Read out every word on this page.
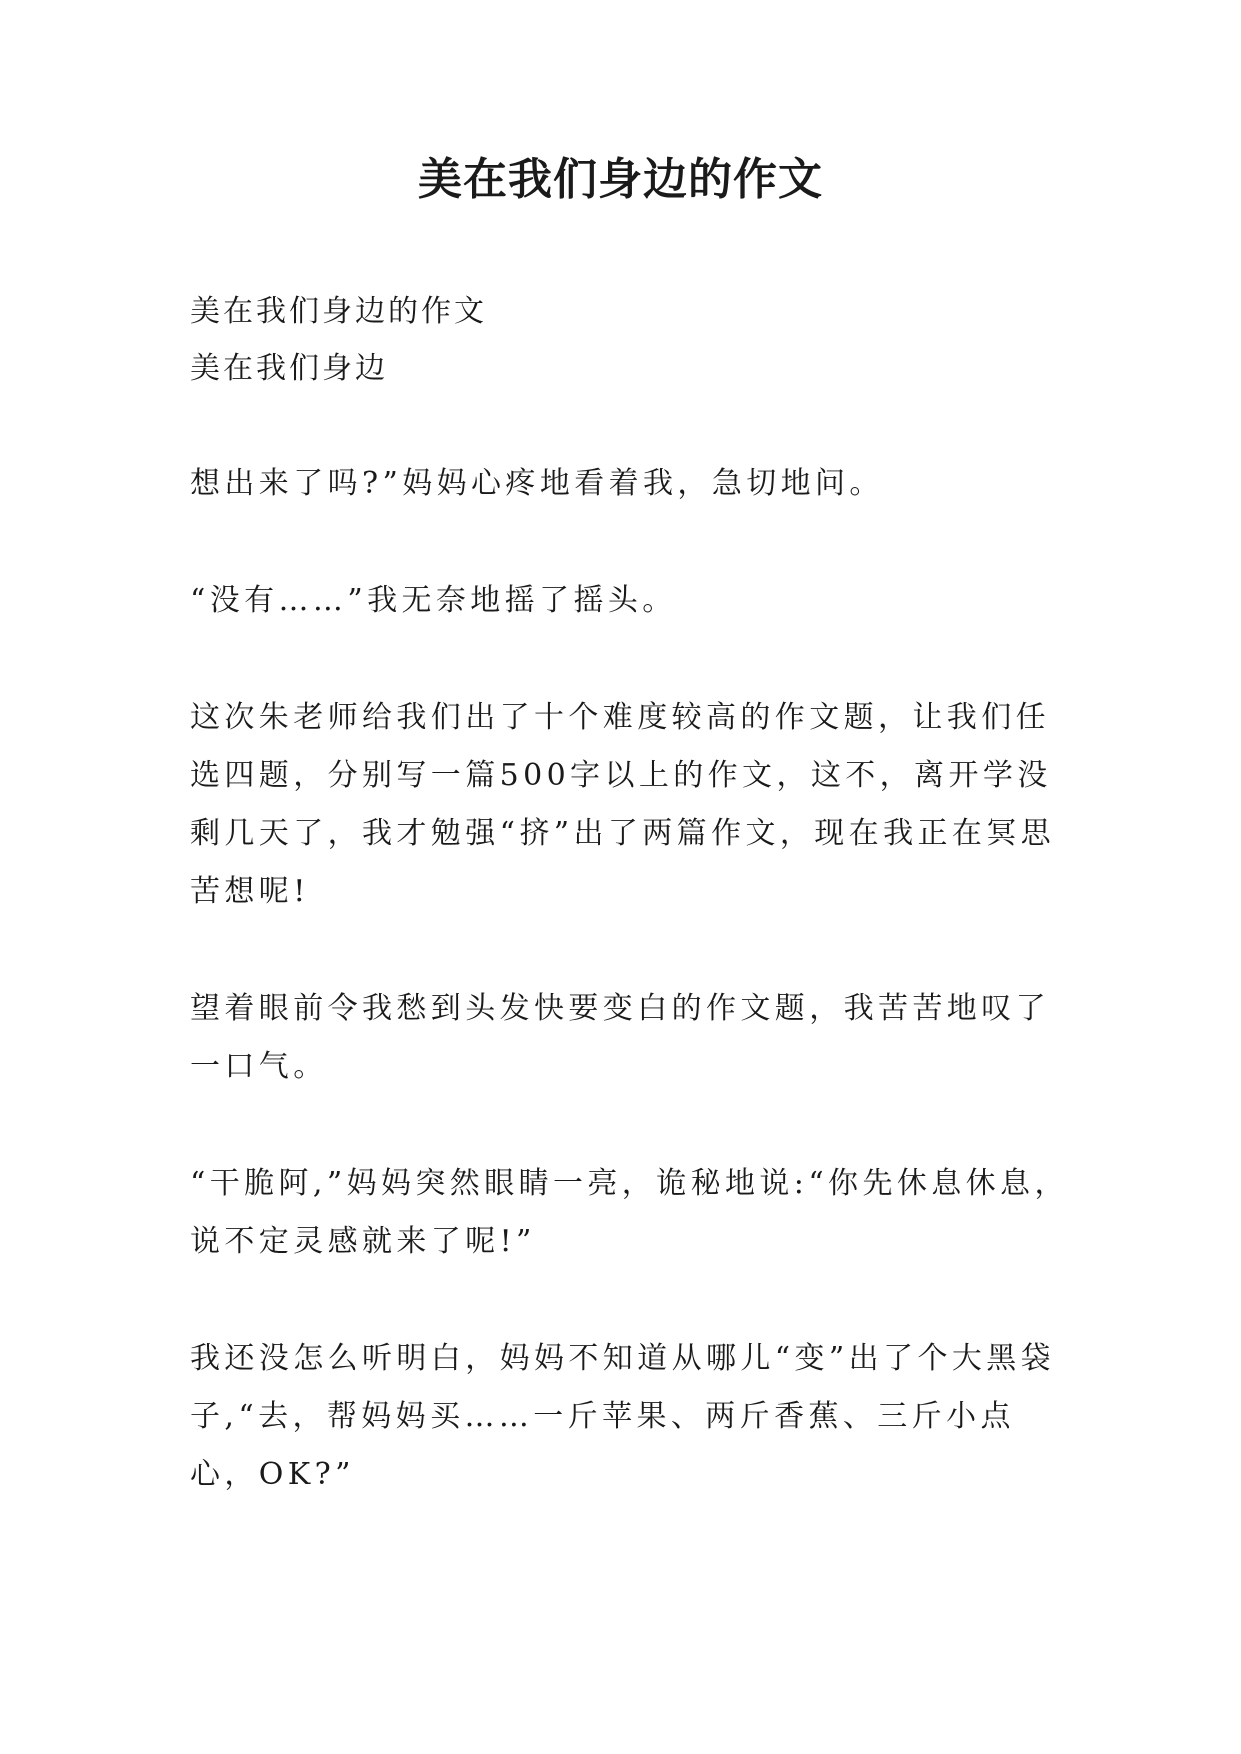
美在我们身边的作文

美在我们身边的作文

美在我们身边

想出来了吗?”妈妈心疼地看着我，急切地问。

“没有……”我无奈地摇了摇头。

这次朱老师给我们出了十个难度较高的作文题，让我们任选四题，分别写一篇500字以上的作文，这不，离开学没剩几天了，我才勉强“挤”出了两篇作文，现在我正在冥思苦想呢!

望着眼前令我愁到头发快要变白的作文题，我苦苦地叹了一口气。

“干脆阿,”妈妈突然眼睛一亮，诡秘地说:“你先休息休息，说不定灵感就来了呢!”

我还没怎么听明白，妈妈不知道从哪儿“变”出了个大黑袋子,“去，帮妈妈买……一斤苹果、两斤香蕉、三斤小点心，OK?”
